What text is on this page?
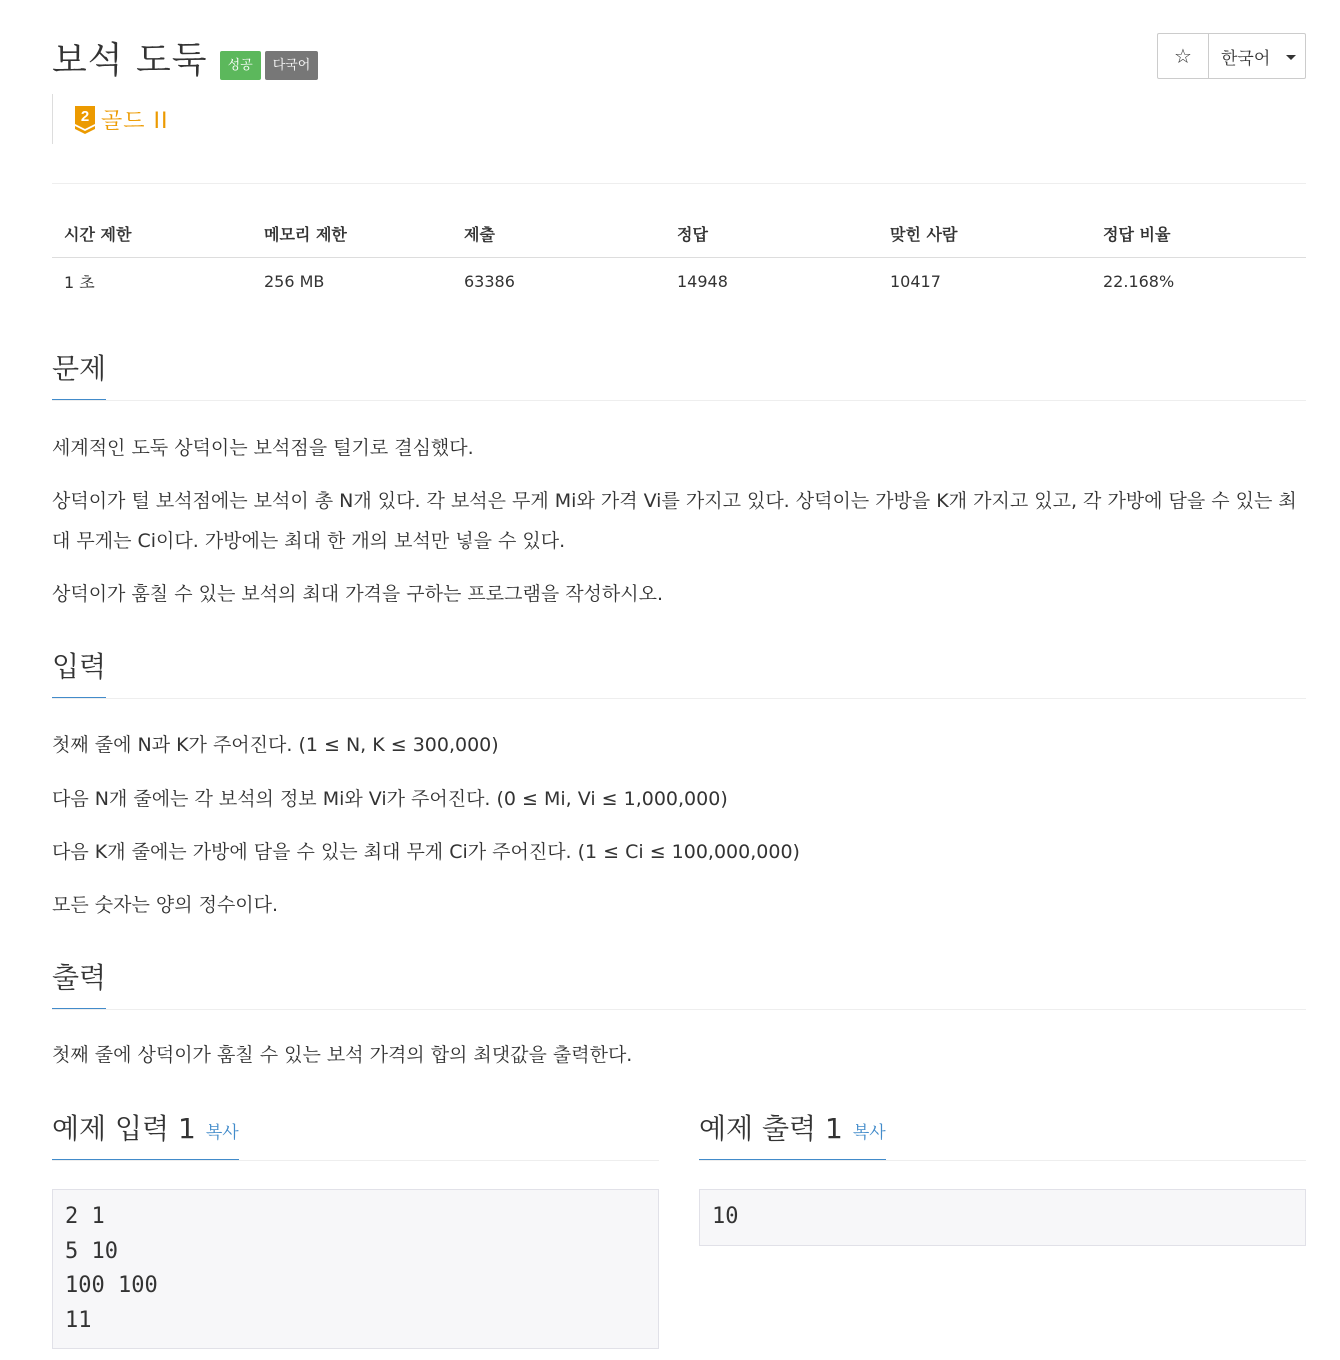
보석 도둑	성공	다국어	☆ 한국어
2 골드 II
시간 제한	메모리 제한	제출	정답	맞힌 사람	정답 비율
1 초	256 MB	63386	14948	10417	22.168%
문제
세계적인 도둑 상덕이는 보석점을 털기로 결심했다.
상덕이가 털 보석점에는 보석이 총 N개 있다. 각 보석은 무게 Mi와 가격 Vi를 가지고 있다. 상덕이는 가방을 K개 가지고 있고, 각 가방에 담을 수 있는 최대 무게는 Ci이다. 가방에는 최대 한 개의 보석만 넣을 수 있다.
상덕이가 훔칠 수 있는 보석의 최대 가격을 구하는 프로그램을 작성하시오.
입력
첫째 줄에 N과 K가 주어진다. (1 ≤ N, K ≤ 300,000)
다음 N개 줄에는 각 보석의 정보 Mi와 Vi가 주어진다. (0 ≤ Mi, Vi ≤ 1,000,000)
다음 K개 줄에는 가방에 담을 수 있는 최대 무게 Ci가 주어진다. (1 ≤ Ci ≤ 100,000,000)
모든 숫자는 양의 정수이다.
출력
첫째 줄에 상덕이가 훔칠 수 있는 보석 가격의 합의 최댓값을 출력한다.
예제 입력 1 복사	예제 출력 1 복사
2 1
5 10
100 100
11
10
